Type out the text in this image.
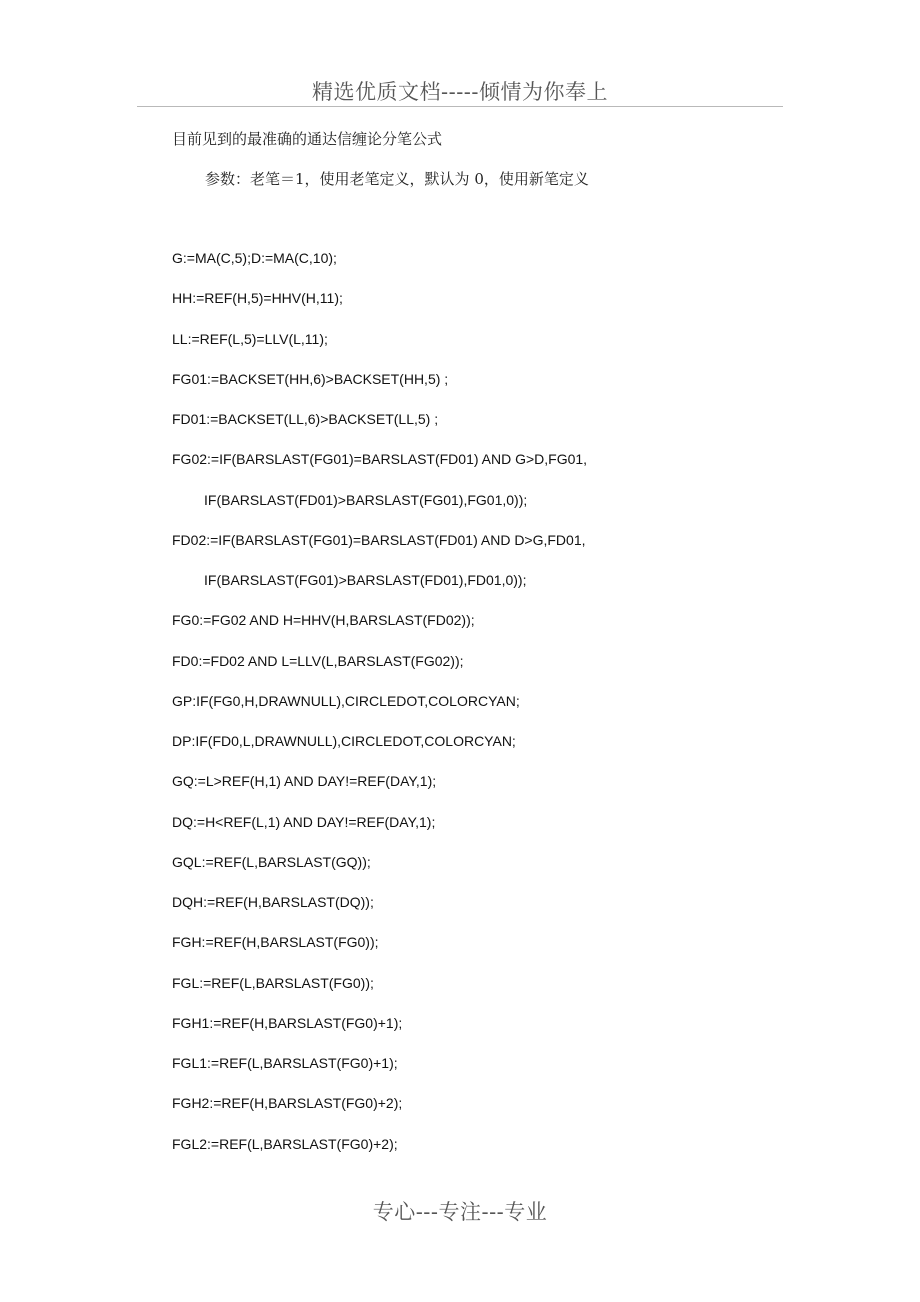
精选优质文档-----倾情为你奉上
目前见到的最准确的通达信缠论分笔公式
参数：老笔＝1，使用老笔定义，默认为 0，使用新笔定义
G:=MA(C,5);D:=MA(C,10);
HH:=REF(H,5)=HHV(H,11);
LL:=REF(L,5)=LLV(L,11);
FG01:=BACKSET(HH,6)>BACKSET(HH,5) ;
FD01:=BACKSET(LL,6)>BACKSET(LL,5) ;
FG02:=IF(BARSLAST(FG01)=BARSLAST(FD01) AND G>D,FG01,
IF(BARSLAST(FD01)>BARSLAST(FG01),FG01,0));
FD02:=IF(BARSLAST(FG01)=BARSLAST(FD01) AND D>G,FD01,
IF(BARSLAST(FG01)>BARSLAST(FD01),FD01,0));
FG0:=FG02 AND H=HHV(H,BARSLAST(FD02));
FD0:=FD02 AND L=LLV(L,BARSLAST(FG02));
GP:IF(FG0,H,DRAWNULL),CIRCLEDOT,COLORCYAN;
DP:IF(FD0,L,DRAWNULL),CIRCLEDOT,COLORCYAN;
GQ:=L>REF(H,1) AND DAY!=REF(DAY,1);
DQ:=H<REF(L,1) AND DAY!=REF(DAY,1);
GQL:=REF(L,BARSLAST(GQ));
DQH:=REF(H,BARSLAST(DQ));
FGH:=REF(H,BARSLAST(FG0));
FGL:=REF(L,BARSLAST(FG0));
FGH1:=REF(H,BARSLAST(FG0)+1);
FGL1:=REF(L,BARSLAST(FG0)+1);
FGH2:=REF(H,BARSLAST(FG0)+2);
FGL2:=REF(L,BARSLAST(FG0)+2);
专心---专注---专业
